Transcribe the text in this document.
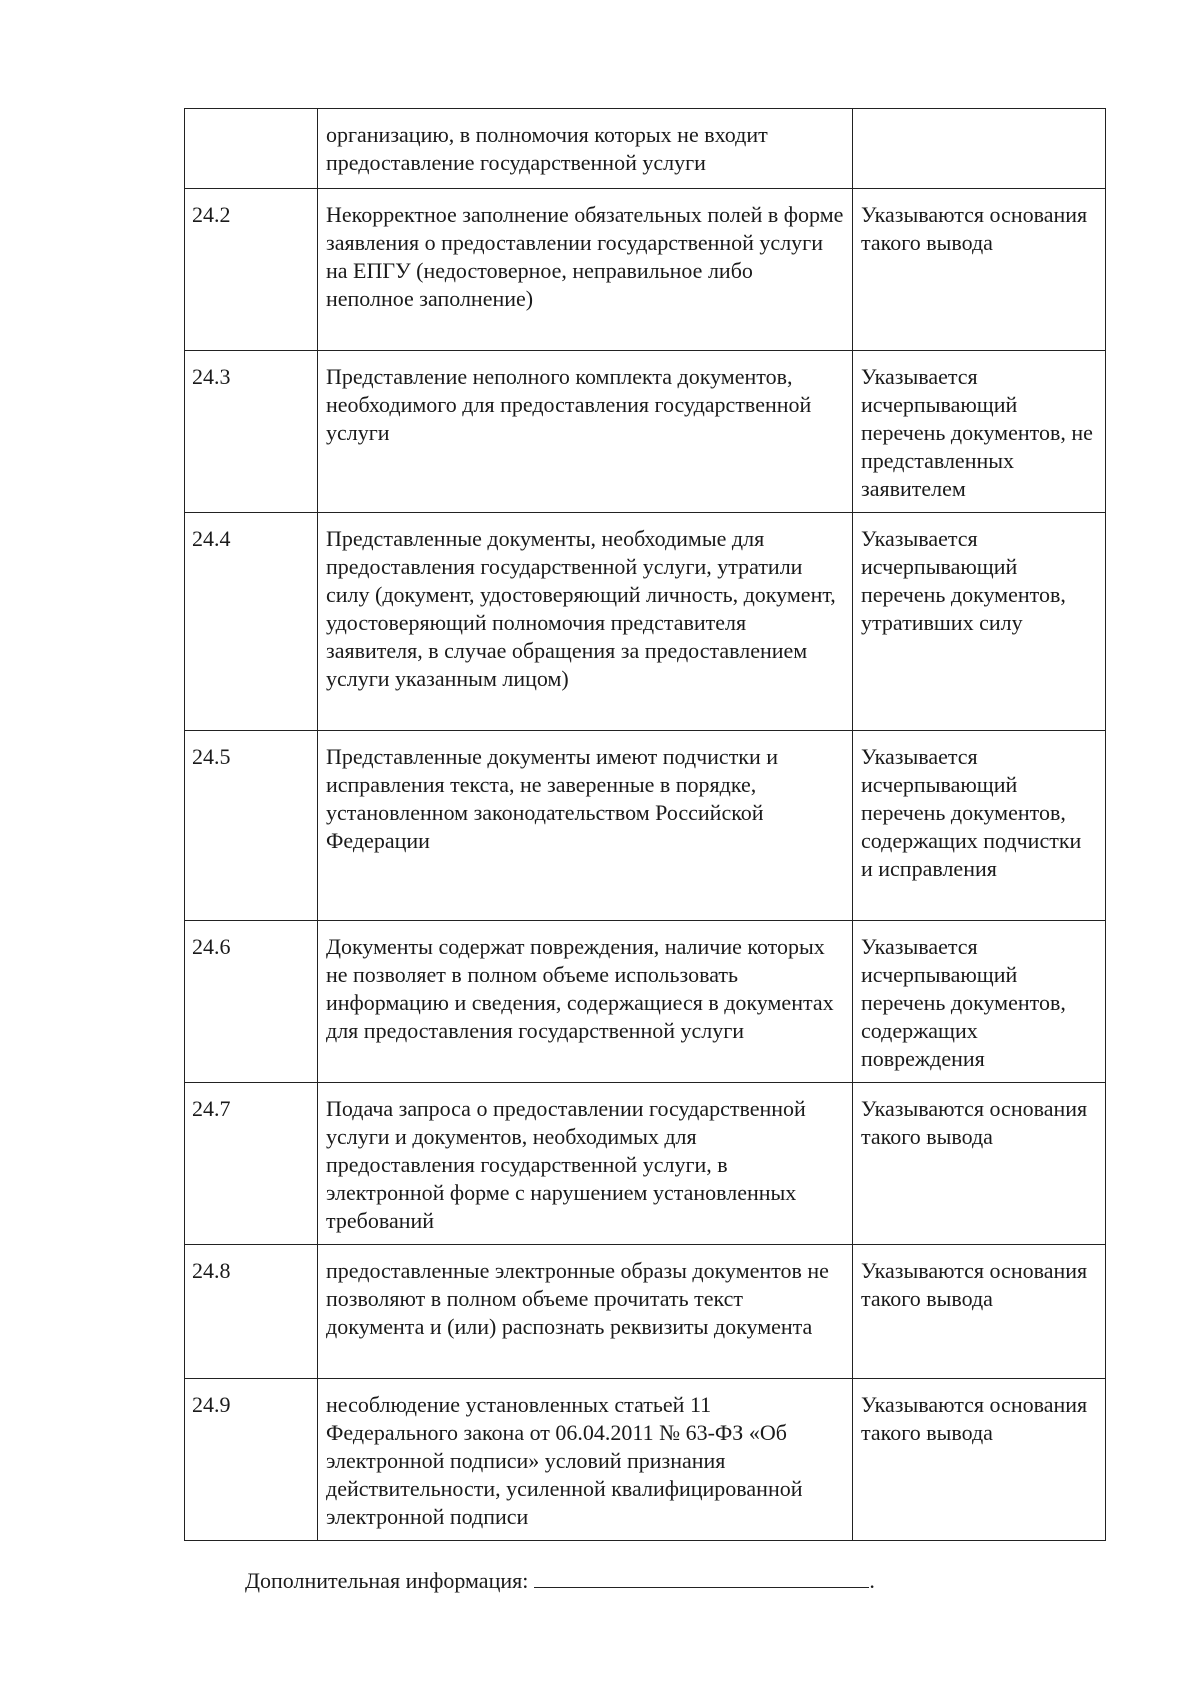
	организацию, в полномочия которых не входит предоставление государственной услуги	
24.2	Некорректное заполнение обязательных полей в форме заявления о предоставлении государственной услуги на ЕПГУ (недостоверное, неправильное либо неполное заполнение)	Указываются основания такого вывода
24.3	Представление неполного комплекта документов, необходимого для предоставления государственной услуги	Указывается исчерпывающий перечень документов, не представленных заявителем
24.4	Представленные документы, необходимые для предоставления государственной услуги, утратили силу (документ, удостоверяющий личность, документ, удостоверяющий полномочия представителя заявителя, в случае обращения за предоставлением услуги указанным лицом)	Указывается исчерпывающий перечень документов, утративших силу
24.5	Представленные документы имеют подчистки и исправления текста, не заверенные в порядке, установленном законодательством Российской Федерации	Указывается исчерпывающий перечень документов, содержащих подчистки и исправления
24.6	Документы содержат повреждения, наличие которых не позволяет в полном объеме использовать информацию и сведения, содержащиеся в документах для предоставления государственной услуги	Указывается исчерпывающий перечень документов, содержащих повреждения
24.7	Подача запроса о предоставлении государственной услуги и документов, необходимых для предоставления государственной услуги, в электронной форме с нарушением установленных требований	Указываются основания такого вывода
24.8	предоставленные электронные образы документов не позволяют в полном объеме прочитать текст документа и (или) распознать реквизиты документа	Указываются основания такого вывода
24.9	несоблюдение установленных статьей 11 Федерального закона от 06.04.2011 № 63-ФЗ «Об электронной подписи» условий признания действительности, усиленной квалифицированной электронной подписи	Указываются основания такого вывода
Дополнительная информация:	.
